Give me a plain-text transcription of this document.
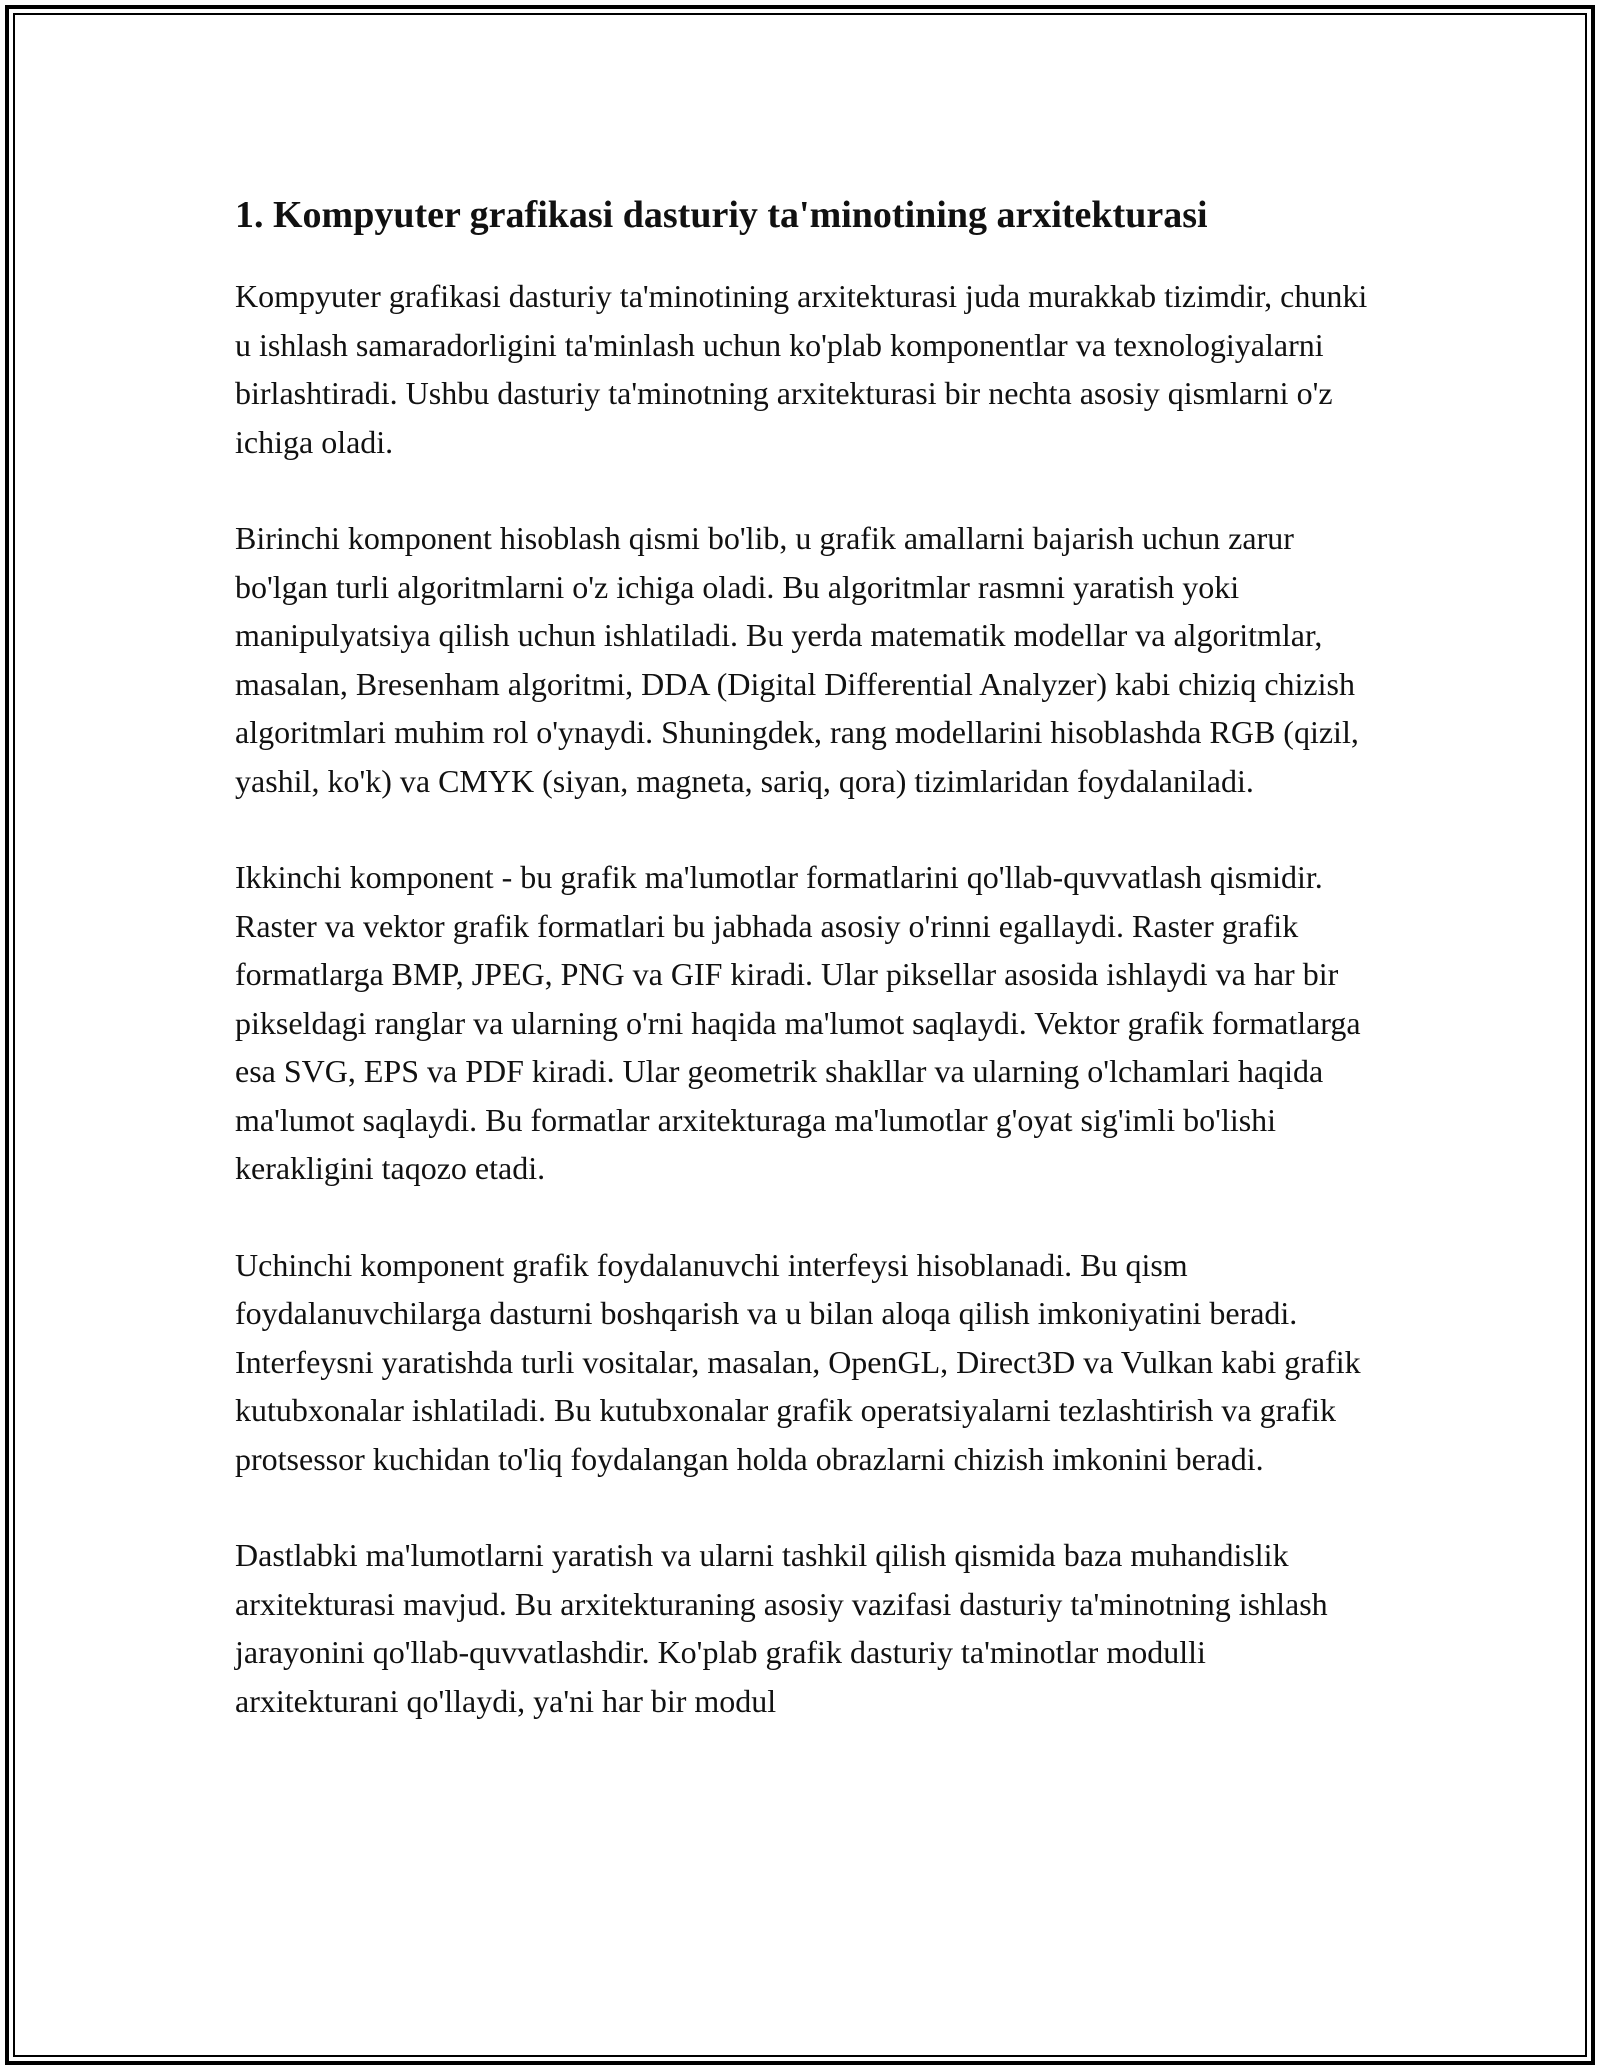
1. Kompyuter grafikasi dasturiy ta'minotining arxitekturasi

Kompyuter grafikasi dasturiy ta'minotining arxitekturasi juda murakkab tizimdir, chunki u ishlash samaradorligini ta'minlash uchun ko'plab komponentlar va texnologiyalarni birlashtiradi. Ushbu dasturiy ta'minotning arxitekturasi bir nechta asosiy qismlarni o'z ichiga oladi.

Birinchi komponent hisoblash qismi bo'lib, u grafik amallarni bajarish uchun zarur bo'lgan turli algoritmlarni o'z ichiga oladi. Bu algoritmlar rasmni yaratish yoki manipulyatsiya qilish uchun ishlatiladi. Bu yerda matematik modellar va algoritmlar, masalan, Bresenham algoritmi, DDA (Digital Differential Analyzer) kabi chiziq chizish algoritmlari muhim rol o'ynaydi. Shuningdek, rang modellarini hisoblashda RGB (qizil, yashil, ko'k) va CMYK (siyan, magneta, sariq, qora) tizimlaridan foydalaniladi.

Ikkinchi komponent - bu grafik ma'lumotlar formatlarini qo'llab-quvvatlash qismidir. Raster va vektor grafik formatlari bu jabhada asosiy o'rinni egallaydi. Raster grafik formatlarga BMP, JPEG, PNG va GIF kiradi. Ular piksellar asosida ishlaydi va har bir pikseldagi ranglar va ularning o'rni haqida ma'lumot saqlaydi. Vektor grafik formatlarga esa SVG, EPS va PDF kiradi. Ular geometrik shakllar va ularning o'lchamlari haqida ma'lumot saqlaydi. Bu formatlar arxitekturaga ma'lumotlar g'oyat sig'imli bo'lishi kerakligini taqozo etadi.

Uchinchi komponent grafik foydalanuvchi interfeysi hisoblanadi. Bu qism foydalanuvchilarga dasturni boshqarish va u bilan aloqa qilish imkoniyatini beradi. Interfeysni yaratishda turli vositalar, masalan, OpenGL, Direct3D va Vulkan kabi grafik kutubxonalar ishlatiladi. Bu kutubxonalar grafik operatsiyalarni tezlashtirish va grafik protsessor kuchidan to'liq foydalangan holda obrazlarni chizish imkonini beradi.

Dastlabki ma'lumotlarni yaratish va ularni tashkil qilish qismida baza muhandislik arxitekturasi mavjud. Bu arxitekturaning asosiy vazifasi dasturiy ta'minotning ishlash jarayonini qo'llab-quvvatlashdir. Ko'plab grafik dasturiy ta'minotlar modulli arxitekturani qo'llaydi, ya'ni har bir modul
